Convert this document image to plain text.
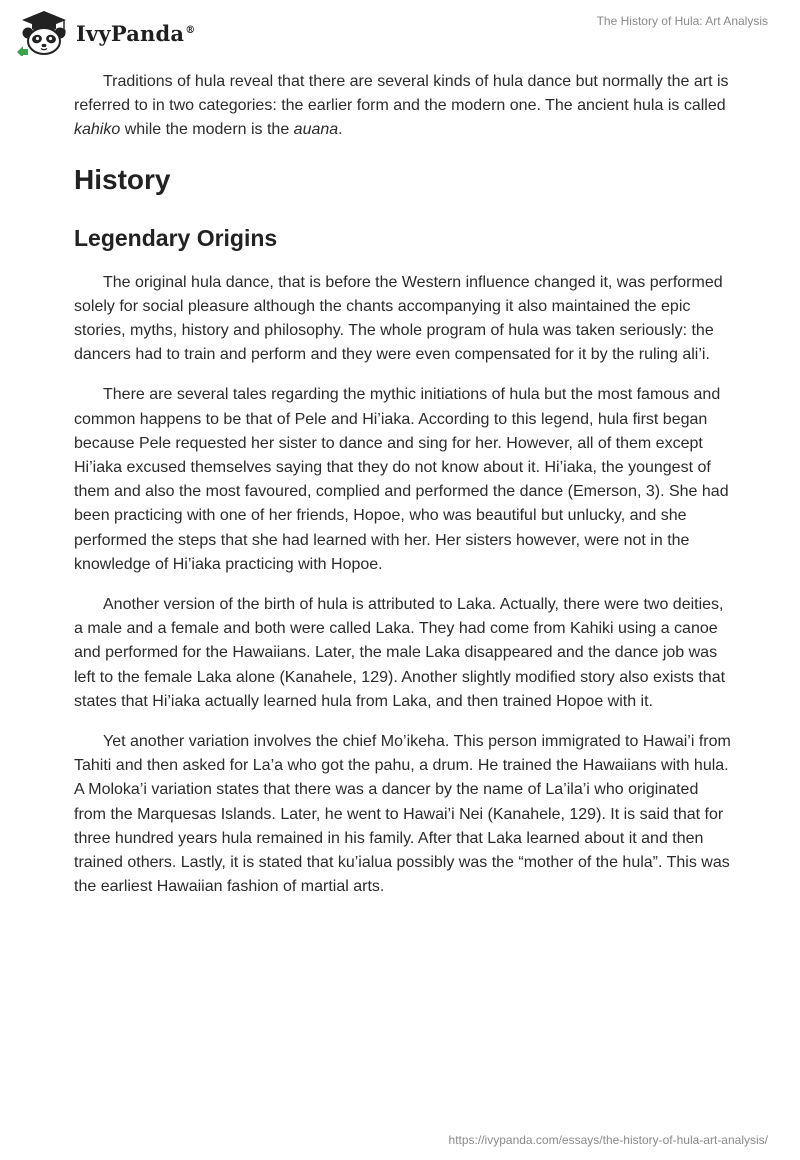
IvyPanda®
The History of Hula: Art Analysis

Traditions of hula reveal that there are several kinds of hula dance but normally the art is referred to in two categories: the earlier form and the modern one. The ancient hula is called kahiko while the modern is the auana.

History
Legendary Origins

The original hula dance, that is before the Western influence changed it, was performed solely for social pleasure although the chants accompanying it also maintained the epic stories, myths, history and philosophy. The whole program of hula was taken seriously: the dancers had to train and perform and they were even compensated for it by the ruling ali’i.

There are several tales regarding the mythic initiations of hula but the most famous and common happens to be that of Pele and Hi’iaka. According to this legend, hula first began because Pele requested her sister to dance and sing for her. However, all of them except Hi’iaka excused themselves saying that they do not know about it. Hi’iaka, the youngest of them and also the most favoured, complied and performed the dance (Emerson, 3). She had been practicing with one of her friends, Hopoe, who was beautiful but unlucky, and she performed the steps that she had learned with her. Her sisters however, were not in the knowledge of Hi’iaka practicing with Hopoe.

Another version of the birth of hula is attributed to Laka. Actually, there were two deities, a male and a female and both were called Laka. They had come from Kahiki using a canoe and performed for the Hawaiians. Later, the male Laka disappeared and the dance job was left to the female Laka alone (Kanahele, 129). Another slightly modified story also exists that states that Hi’iaka actually learned hula from Laka, and then trained Hopoe with it.

Yet another variation involves the chief Mo’ikeha. This person immigrated to Hawai’i from Tahiti and then asked for La’a who got the pahu, a drum. He trained the Hawaiians with hula. A Moloka’i variation states that there was a dancer by the name of La’ila’i who originated from the Marquesas Islands. Later, he went to Hawai’i Nei (Kanahele, 129). It is said that for three hundred years hula remained in his family. After that Laka learned about it and then trained others. Lastly, it is stated that ku’ialua possibly was the “mother of the hula”. This was the earliest Hawaiian fashion of martial arts.

https://ivypanda.com/essays/the-history-of-hula-art-analysis/
